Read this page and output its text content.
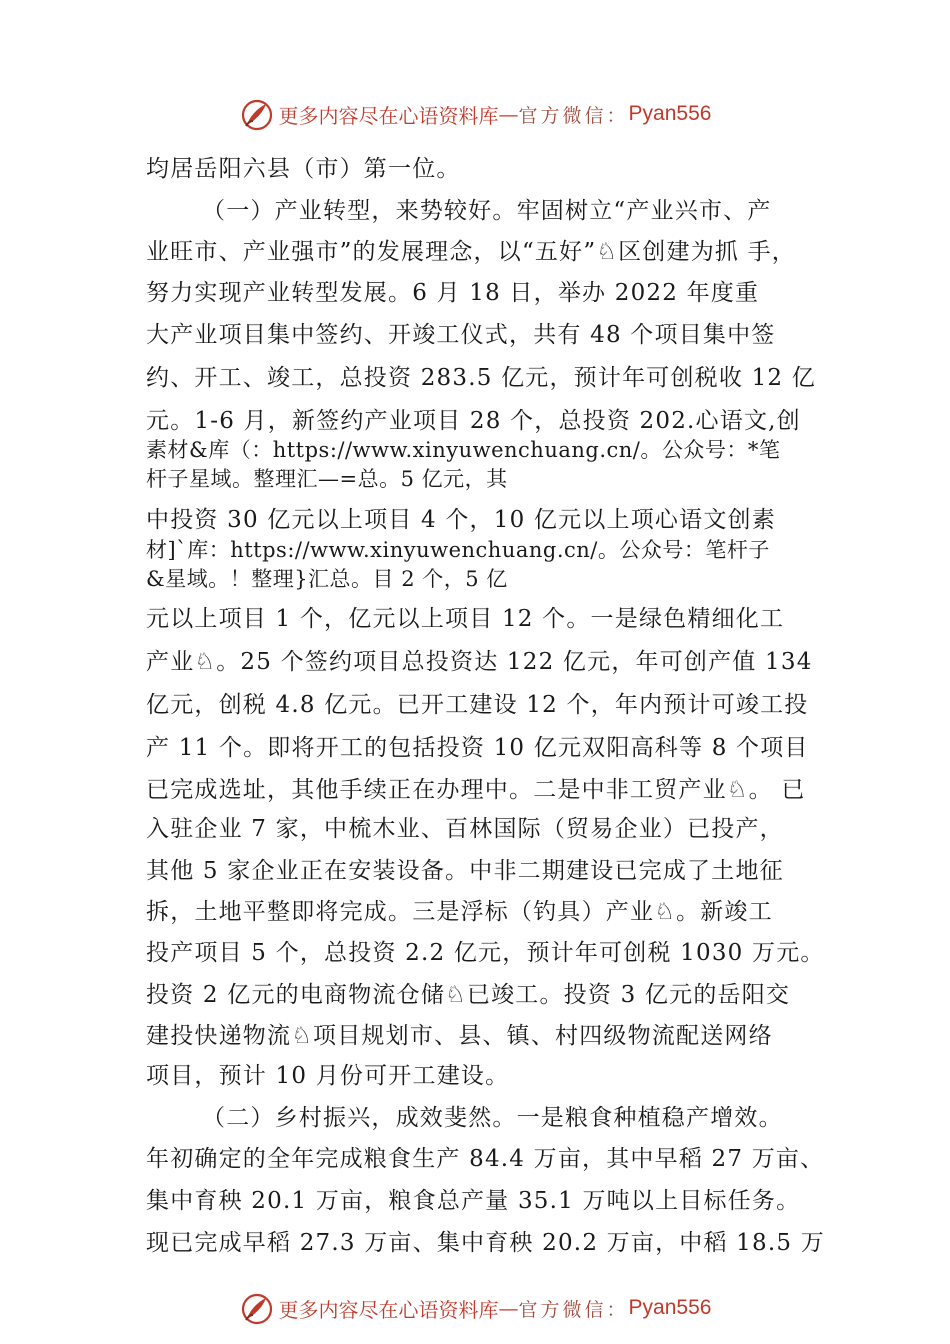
更多内容尽在心语资料库 — 官方微信： Pyan556
均居岳阳六县（市）第一位。
（一）产业转型，来势较好。牢固树立“产业兴市、产
业旺市、产业强市”的发展理念，以“五好”♘区创建为抓 手，
努力实现产业转型发展。6 月 18 日，举办 2022 年度重
大产业项目集中签约、开竣工仪式，共有 48 个项目集中签
约、开工、竣工，总投资 283.5 亿元，预计年可创税收 12 亿
元。1-6 月，新签约产业项目 28 个，总投资 202.心语文,创
素材&库（：https://www.xinyuwenchuang.cn/。公众号：*笔
杆子星域。整理汇—=总。5 亿元，其
中投资 30 亿元以上项目 4 个，10 亿元以上项心语文创素
材]`库：https://www.xinyuwenchuang.cn/。公众号：笔杆子
&星域。！整理}汇总。目 2 个，5 亿
元以上项目 1 个，亿元以上项目 12 个。一是绿色精细化工
产业♘。25 个签约项目总投资达 122 亿元，年可创产值 134
亿元，创税 4.8 亿元。已开工建设 12 个，年内预计可竣工投
产 11 个。即将开工的包括投资 10 亿元双阳高科等 8 个项目
已完成选址，其他手续正在办理中。二是中非工贸产业♘。 已
入驻企业 7 家，中梳木业、百林国际（贸易企业）已投产，
其他 5 家企业正在安装设备。中非二期建设已完成了土地征
拆，土地平整即将完成。三是浮标（钓具）产业♘。新竣工
投产项目 5 个，总投资 2.2 亿元，预计年可创税 1030 万元。
投资 2 亿元的电商物流仓储♘已竣工。投资 3 亿元的岳阳交
建投快递物流♘项目规划市、县、镇、村四级物流配送网络
项目，预计 10 月份可开工建设。
（二）乡村振兴，成效斐然。一是粮食种植稳产增效。
年初确定的全年完成粮食生产 84.4 万亩，其中早稻 27 万亩、
集中育秧 20.1 万亩，粮食总产量 35.1 万吨以上目标任务。
现已完成早稻 27.3 万亩、集中育秧 20.2 万亩，中稻 18.5 万
更多内容尽在心语资料库 — 官方微信： Pyan556
